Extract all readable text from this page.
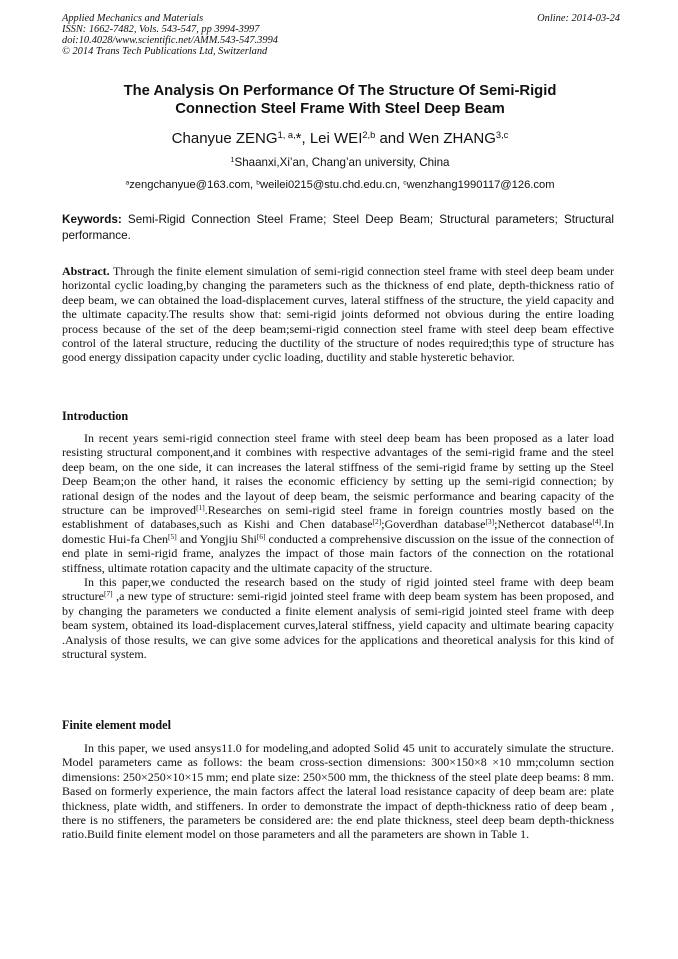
Applied Mechanics and Materials
ISSN: 1662-7482, Vols. 543-547, pp 3994-3997
doi:10.4028/www.scientific.net/AMM.543-547.3994
© 2014 Trans Tech Publications Ltd, Switzerland
Online: 2014-03-24
The Analysis On Performance Of The Structure Of Semi-Rigid
Connection Steel Frame With Steel Deep Beam
Chanyue $ZENG^{1, a,}*$, Lei WEI$^{2,b}$ and Wen ZHANG$^{3,c}$
$^1$Shaanxi,Xi’an, Chang’an university, China
$^a$zengchanyue@163.com, $^b$weilei0215@stu.chd.edu.cn, $^c$wenzhang1990117@126.com
Keywords: Semi-Rigid Connection Steel Frame; Steel Deep Beam; Structural parameters; Structural performance.
Abstract. Through the finite element simulation of semi-rigid connection steel frame with steel deep beam under horizontal cyclic loading,by changing the parameters such as the thickness of end plate, depth-thickness ratio of deep beam, we can obtained the load-displacement curves, lateral stiffness of the structure, the yield capacity and the ultimate capacity.The results show that: semi-rigid joints deformed not obvious during the entire loading process because of the set of the deep beam;semi-rigid connection steel frame with steel deep beam effective control of the lateral structure, reducing the ductility of the structure of nodes required;this type of structure has good energy dissipation capacity under cyclic loading, ductility and stable hysteretic behavior.
Introduction

In recent years semi-rigid connection steel frame with steel deep beam has been proposed as a later load resisting structural component,and it combines with respective advantages of the semi-rigid frame and the steel deep beam, on the one side, it can increases the lateral stiffness of the semi-rigid frame by setting up the Steel Deep Beam;on the other hand, it raises the economic efficiency by setting up the semi-rigid connection; by rational design of the nodes and the layout of deep beam, the seismic performance and bearing capacity of the structure can be improved[1].Researches on semi-rigid steel frame in foreign countries mostly based on the establishment of databases,such as Kishi and Chen database[2];Goverdhan database[3];Nethercot database[4].In domestic Hui-fa Chen[5] and Yongjiu Shi[6] conducted a comprehensive discussion on the issue of the connection of end plate in semi-rigid frame, analyzes the impact of those main factors of the connection on the rotational stiffness, ultimate rotation capacity and the ultimate capacity of the structure.

In this paper,we conducted the research based on the study of rigid jointed steel frame with deep beam structure[7] ,a new type of structure: semi-rigid jointed steel frame with deep beam system has been proposed, and by changing the parameters we conducted a finite element analysis of semi-rigid jointed steel frame with deep beam system, obtained its load-displacement curves,lateral stiffness, yield capacity and ultimate bearing capacity .Analysis of those results, we can give some advices for the applications and theoretical analysis for this kind of structural system.

Finite element model

In this paper, we used ansys11.0 for modeling,and adopted Solid 45 unit to accurately simulate the structure. Model parameters came as follows: the beam cross-section dimensions: 300×150×8 ×10 mm;column section dimensions: 250×250×10×15 mm; end plate size: 250×500 mm, the thickness of the steel plate deep beams: 8 mm. Based on formerly experience, the main factors affect the lateral load resistance capacity of deep beam are: plate thickness, plate width, and stiffeners. In order to demonstrate the impact of depth-thickness ratio of deep beam , there is no stiffeners, the parameters be considered are: the end plate thickness, steel deep beam depth-thickness ratio.Build finite element model on those parameters and all the parameters are shown in Table 1.
